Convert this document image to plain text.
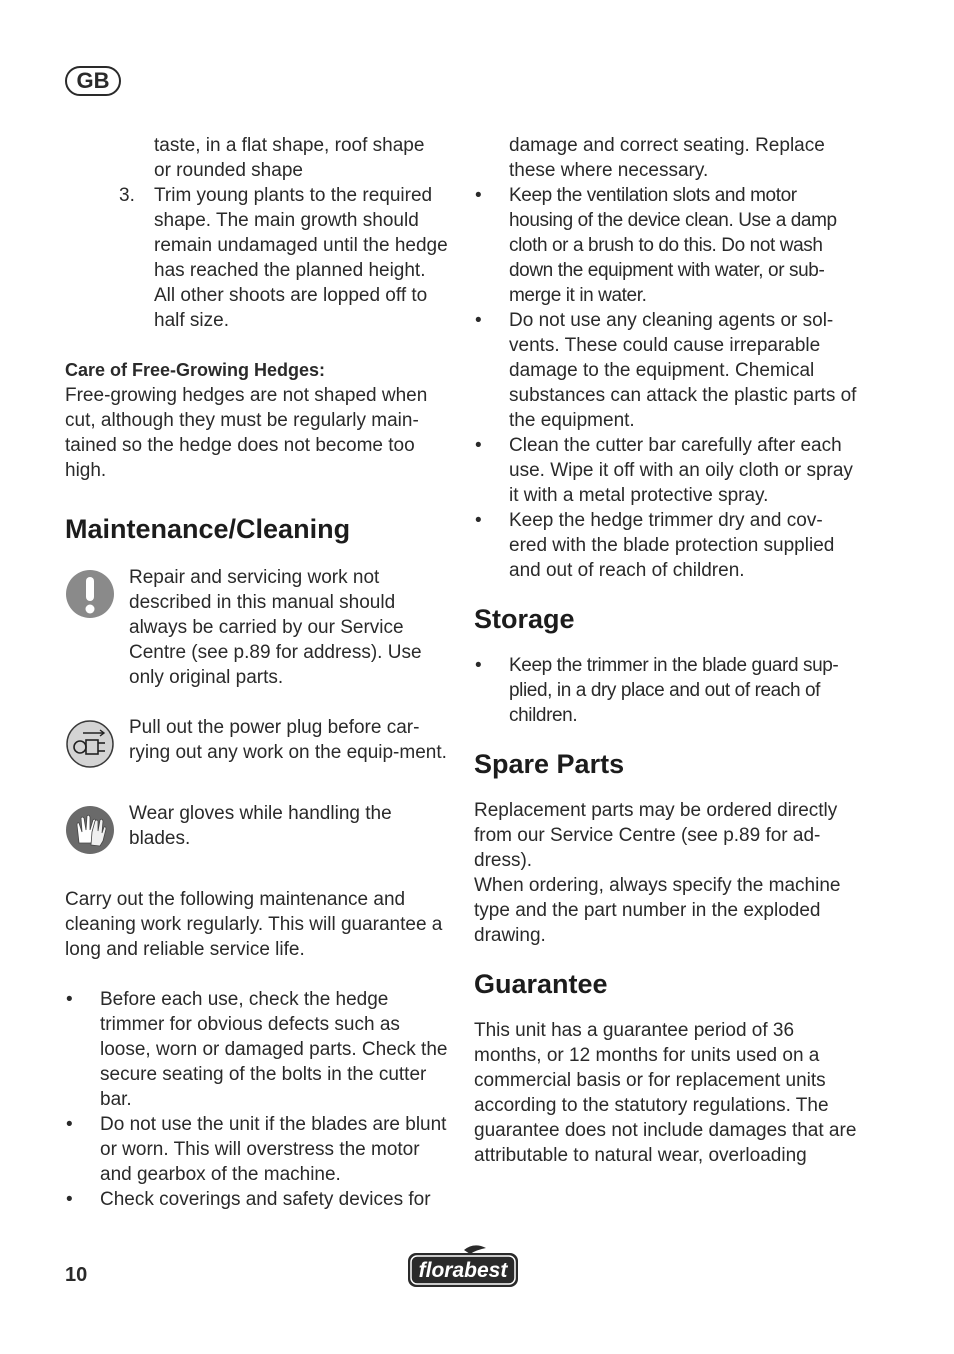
GB

taste, in a flat shape, roof shape

or rounded shape

3.	Trim young plants to the required shape. The main growth should remain undamaged until the hedge has reached the planned height. All other shoots are lopped off to half size.

Care of Free-Growing Hedges:

Free-growing hedges are not shaped when cut, although they must be regularly main-tained so the hedge does not become too high.

Maintenance/Cleaning
Repair and servicing work not described in this manual should always be carried by our Service Centre (see p.89 for address). Use only original parts.
Pull out the power plug before car-rying out any work on the equip-ment.
Wear gloves while handling the blades.

Carry out the following maintenance and cleaning work regularly. This will guarantee a long and reliable service life.

•	Before each use, check the hedge trimmer for obvious defects such as loose, worn or damaged parts. Check the secure seating of the bolts in the cutter bar.
•	Do not use the unit if the blades are blunt or worn. This will overstress the motor and gearbox of the machine.
•	Check coverings and safety devices for

damage and correct seating. Replace these where necessary.

•	Keep the ventilation slots and motor housing of the device clean. Use a damp cloth or a brush to do this. Do not wash down the equipment with water, or sub-merge it in water.
•	Do not use any cleaning agents or sol-vents. These could cause irreparable damage to the equipment. Chemical substances can attack the plastic parts of the equipment.
•	Clean the cutter bar carefully after each use. Wipe it off with an oily cloth or spray it with a metal protective spray.
•	Keep the hedge trimmer dry and cov-ered with the blade protection supplied and out of reach of children.
Storage
•	Keep the trimmer in the blade guard sup-plied, in a dry place and out of reach of children.
Spare Parts

Replacement parts may be ordered directly from our Service Centre (see p.89 for ad-dress).

When ordering, always specify the machine type and the part number in the exploded drawing.

Guarantee

This unit has a guarantee period of 36 months, or 12 months for units used on a commercial basis or for replacement units according to the statutory regulations. The guarantee does not include damages that are attributable to natural wear, overloading

10	florabest
